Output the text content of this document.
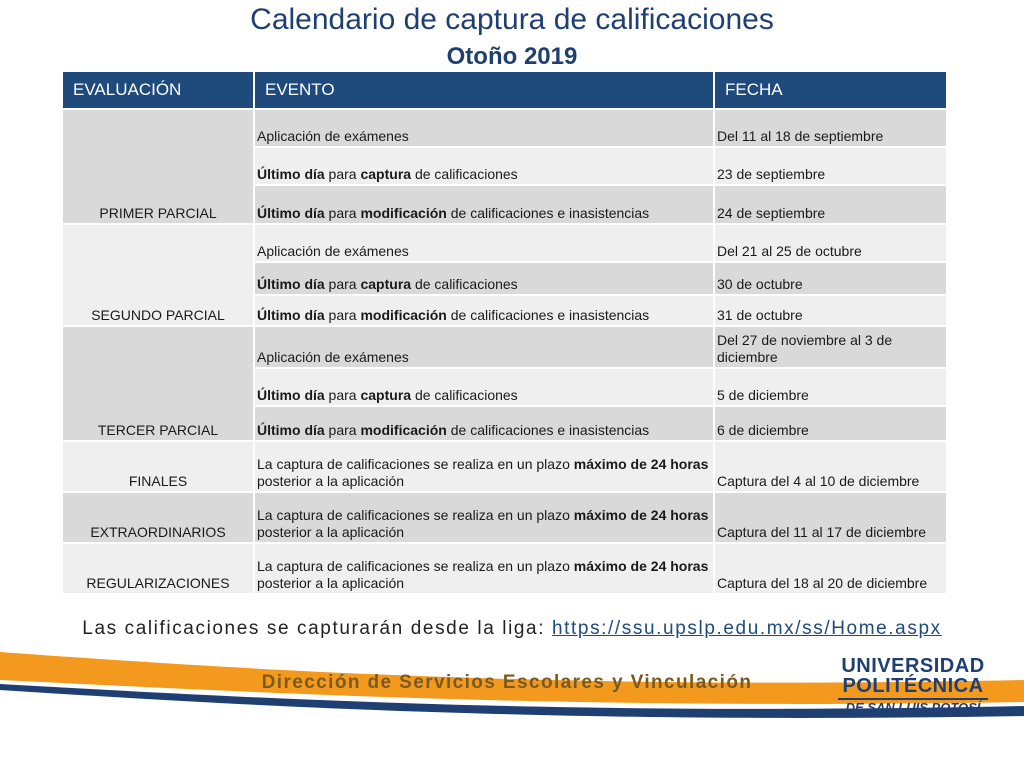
Calendario de captura de calificaciones
Otoño 2019
EVALUACIÓN	EVENTO	FECHA
PRIMER PARCIAL	Aplicación de exámenes	Del 11 al 18 de septiembre
	Último día para captura de calificaciones	23 de septiembre
	Último día para modificación de calificaciones e inasistencias	24 de septiembre
SEGUNDO PARCIAL	Aplicación de exámenes	Del 21 al 25 de octubre
	Último día para captura de calificaciones	30 de octubre
	Último día para modificación de calificaciones e inasistencias	31 de octubre
TERCER PARCIAL	Aplicación de exámenes	Del 27 de noviembre al 3 de diciembre
	Último día para captura de calificaciones	5 de diciembre
	Último día para modificación de calificaciones e inasistencias	6 de diciembre
FINALES	La captura de calificaciones se realiza en un plazo máximo de 24 horas posterior a la aplicación	Captura del 4 al 10 de diciembre
EXTRAORDINARIOS	La captura de calificaciones se realiza en un plazo máximo de 24 horas posterior a la aplicación	Captura del 11 al 17 de diciembre
REGULARIZACIONES	La captura de calificaciones se realiza en un plazo máximo de 24 horas posterior a la aplicación	Captura del 18 al 20 de diciembre
Las calificaciones se capturarán desde la liga: https://ssu.upslp.edu.mx/ss/Home.aspx
Dirección de Servicios Escolares y Vinculación
UNIVERSIDAD
POLITÉCNICA
DE SAN LUIS POTOSÍ
